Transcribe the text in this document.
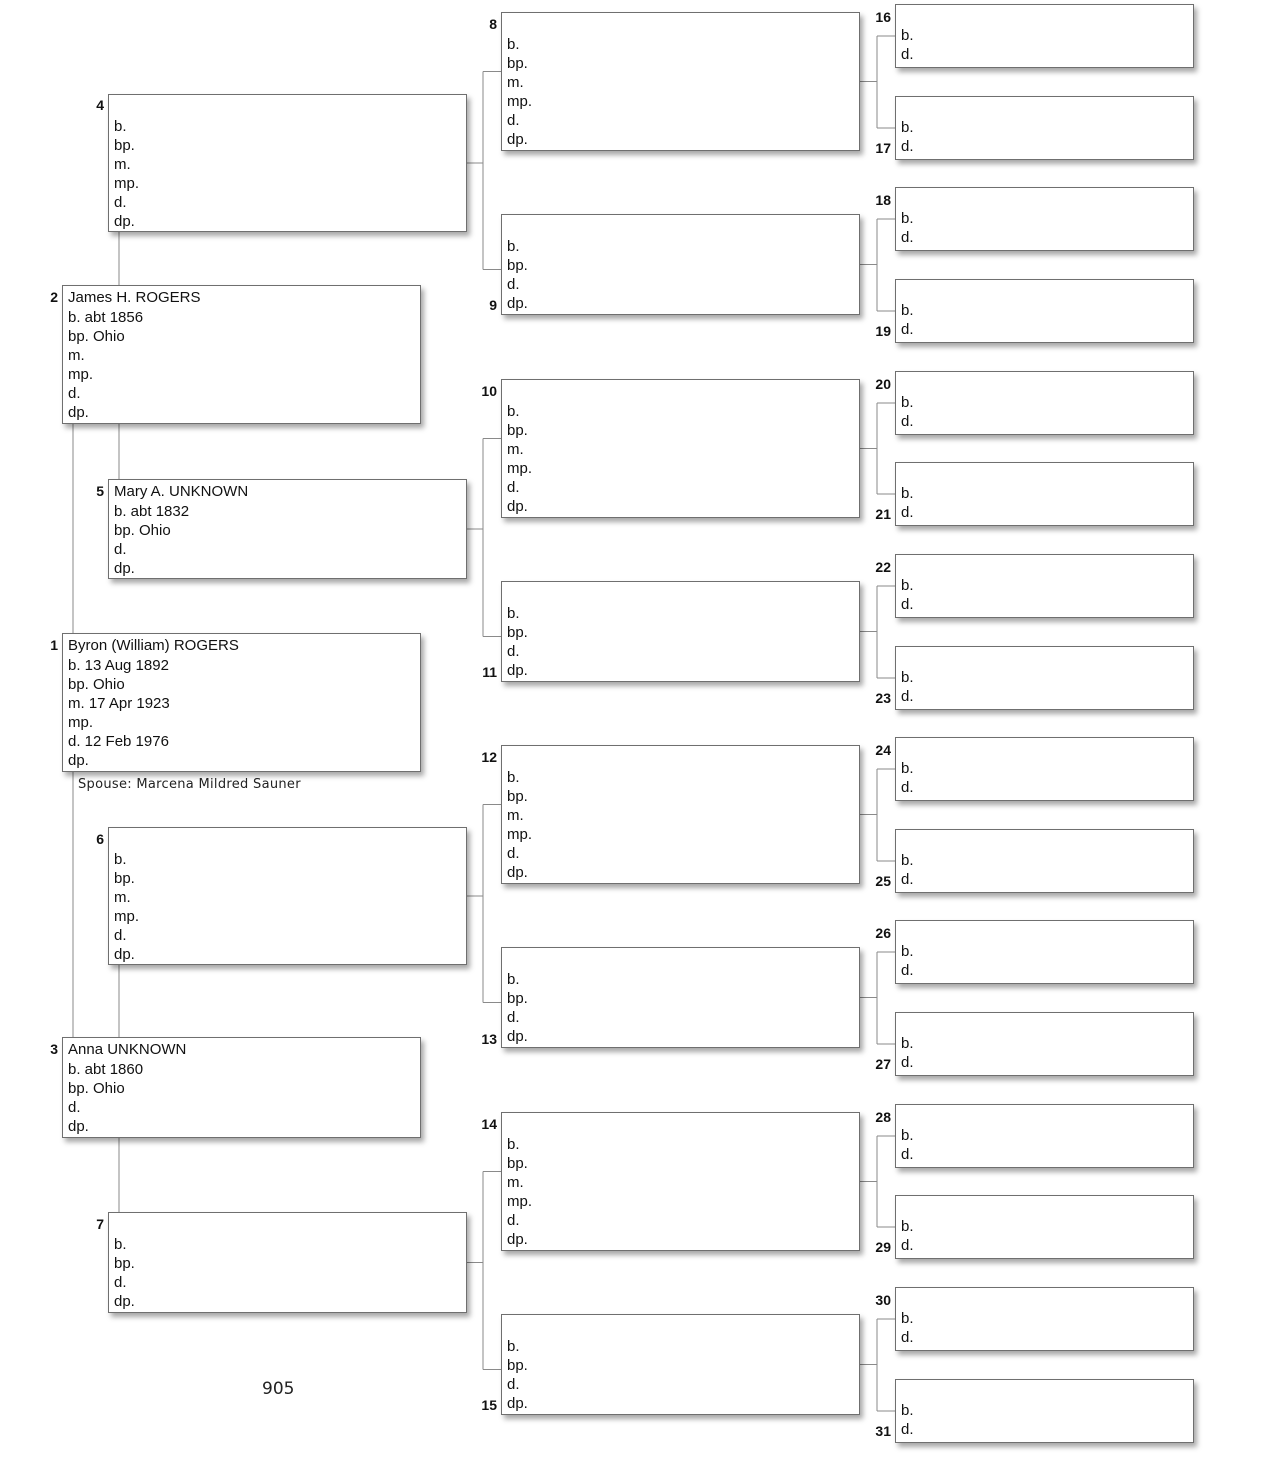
Byron (William) ROGERS
b. 13 Aug 1892
bp. Ohio
m. 17 Apr 1923
mp.
d. 12 Feb 1976
dp.
1
James H. ROGERS
b. abt 1856
bp. Ohio
m.
mp.
d.
dp.
2
Anna UNKNOWN
b. abt 1860
bp. Ohio
d.
dp.
3
b.
bp.
m.
mp.
d.
dp.
4
Mary A. UNKNOWN
b. abt 1832
bp. Ohio
d.
dp.
5
b.
bp.
m.
mp.
d.
dp.
6
b.
bp.
d.
dp.
7
b.
bp.
m.
mp.
d.
dp.
8
b.
bp.
d.
dp.
9
b.
bp.
m.
mp.
d.
dp.
10
b.
bp.
d.
dp.
11
b.
bp.
m.
mp.
d.
dp.
12
b.
bp.
d.
dp.
13
b.
bp.
m.
mp.
d.
dp.
14
b.
bp.
d.
dp.
15
b.
d.
16
b.
d.
17
b.
d.
18
b.
d.
19
b.
d.
20
b.
d.
21
b.
d.
22
b.
d.
23
b.
d.
24
b.
d.
25
b.
d.
26
b.
d.
27
b.
d.
28
b.
d.
29
b.
d.
30
b.
d.
31
Spouse: Marcena Mildred Sauner
905
